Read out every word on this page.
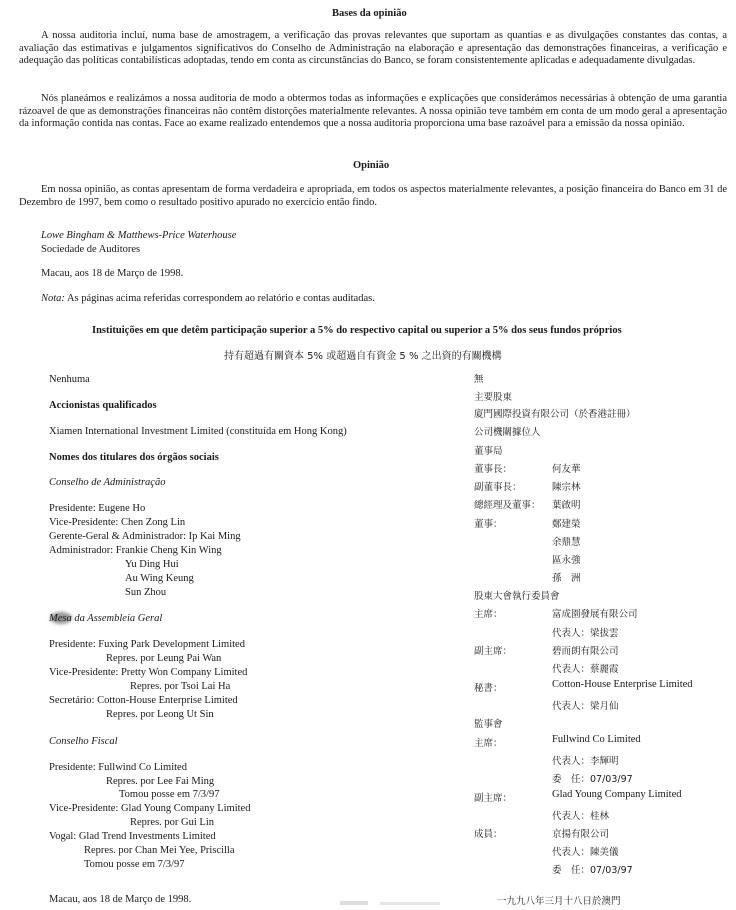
Bases da opinião
A nossa auditoria incluí, numa base de amostragem, a verificação das provas relevantes que suportam as quantias e as divulgações constantes das contas, a avaliação das estimativas e julgamentos significativos do Conselho de Administração na elaboração e apresentação das demonstrações financeiras, a verificação e adequação das políticas contabilísticas adoptadas, tendo em conta as circunstâncias do Banco, se foram consistentemente aplicadas e adequadamente divulgadas.
Nós planeámos e realizámos a nossa auditoria de modo a obtermos todas as informações e explicações que considerámos necessárias à obtenção de uma garantia rázoavel de que as demonstrações financeiras não contêm distorções materialmente relevantes. A nossa opinião teve também em conta de um modo geral a apresentação da informação contida nas contas. Face ao exame realizado entendemos que a nossa auditoria proporciona uma base razoável para a emissão da nossa opinião.
Opinião
Em nossa opinião, as contas apresentam de forma verdadeira e apropriada, em todos os aspectos materialmente relevantes, a posição financeira do Banco em 31 de Dezembro de 1997, bem como o resultado positivo apurado no exercício então findo.
Lowe Bingham & Matthews-Price Waterhouse
Sociedade de Auditores
Macau, aos 18 de Março de 1998.
Nota: As páginas acima referidas correspondem ao relatório e contas auditadas.
Instituições em que detêm participação superior a 5% do respectivo capital ou superior a 5% dos seus fundos próprios
持有超過有關資本 5% 或超過自有資金 5 % 之出資的有關機構
Nenhuma
Accionistas qualificados
Xiamen International Investment Limited (constituída em Hong Kong)
Nomes dos titulares dos órgãos sociais
Conselho de Administração
Presidente: Eugene Ho
Vice-Presidente: Chen Zong Lin
Gerente-Geral & Administrador: Ip Kai Ming
Administrador: Frankie Cheng Kin Wing
Yu Ding Hui
Au Wing Keung
Sun Zhou
Mesa da Assembleia Geral
Presidente: Fuxing Park Development Limited
Repres. por Leung Pai Wan
Vice-Presidente: Pretty Won Company Limited
Repres. por Tsoi Lai Ha
Secretário: Cotton-House Enterprise Limited
Repres. por Leong Ut Sin
Conselho Fiscal
Presidente: Fullwind Co Limited
Repres. por Lee Fai Ming
Tomou posse em 7/3/97
Vice-Presidente: Glad Young Company Limited
Repres. por Gui Lin
Vogal: Glad Trend Investments Limited
Repres. por Chan Mei Yee, Priscilla
Tomou posse em 7/3/97
Macau, aos 18 de Março de 1998.
無
主要股東
廈門國際投資有限公司（於香港註冊）
公司機關據位人
董事局
董事長：	何友華
副董事長：	陳宗林
總經理及董事： 葉啟明
董事：	鄭建榮
余鼎慧
區永強
孫　洲
股東大會執行委員會
主席：	富成園發展有限公司
代表人：梁拔雲
副主席：	碧而朗有限公司
代表人：蔡麗霞
秘書：	Cotton-House Enterprise Limited
代表人：梁月仙
監事會
主席：	Fullwind Co Limited
代表人：李輝明
委　任：07/03/97
副主席：	Glad Young Company Limited
代表人：桂林
成員：	京揚有限公司
代表人：陳美儀
委　任：07/03/97
一九九八年三月十八日於澳門
